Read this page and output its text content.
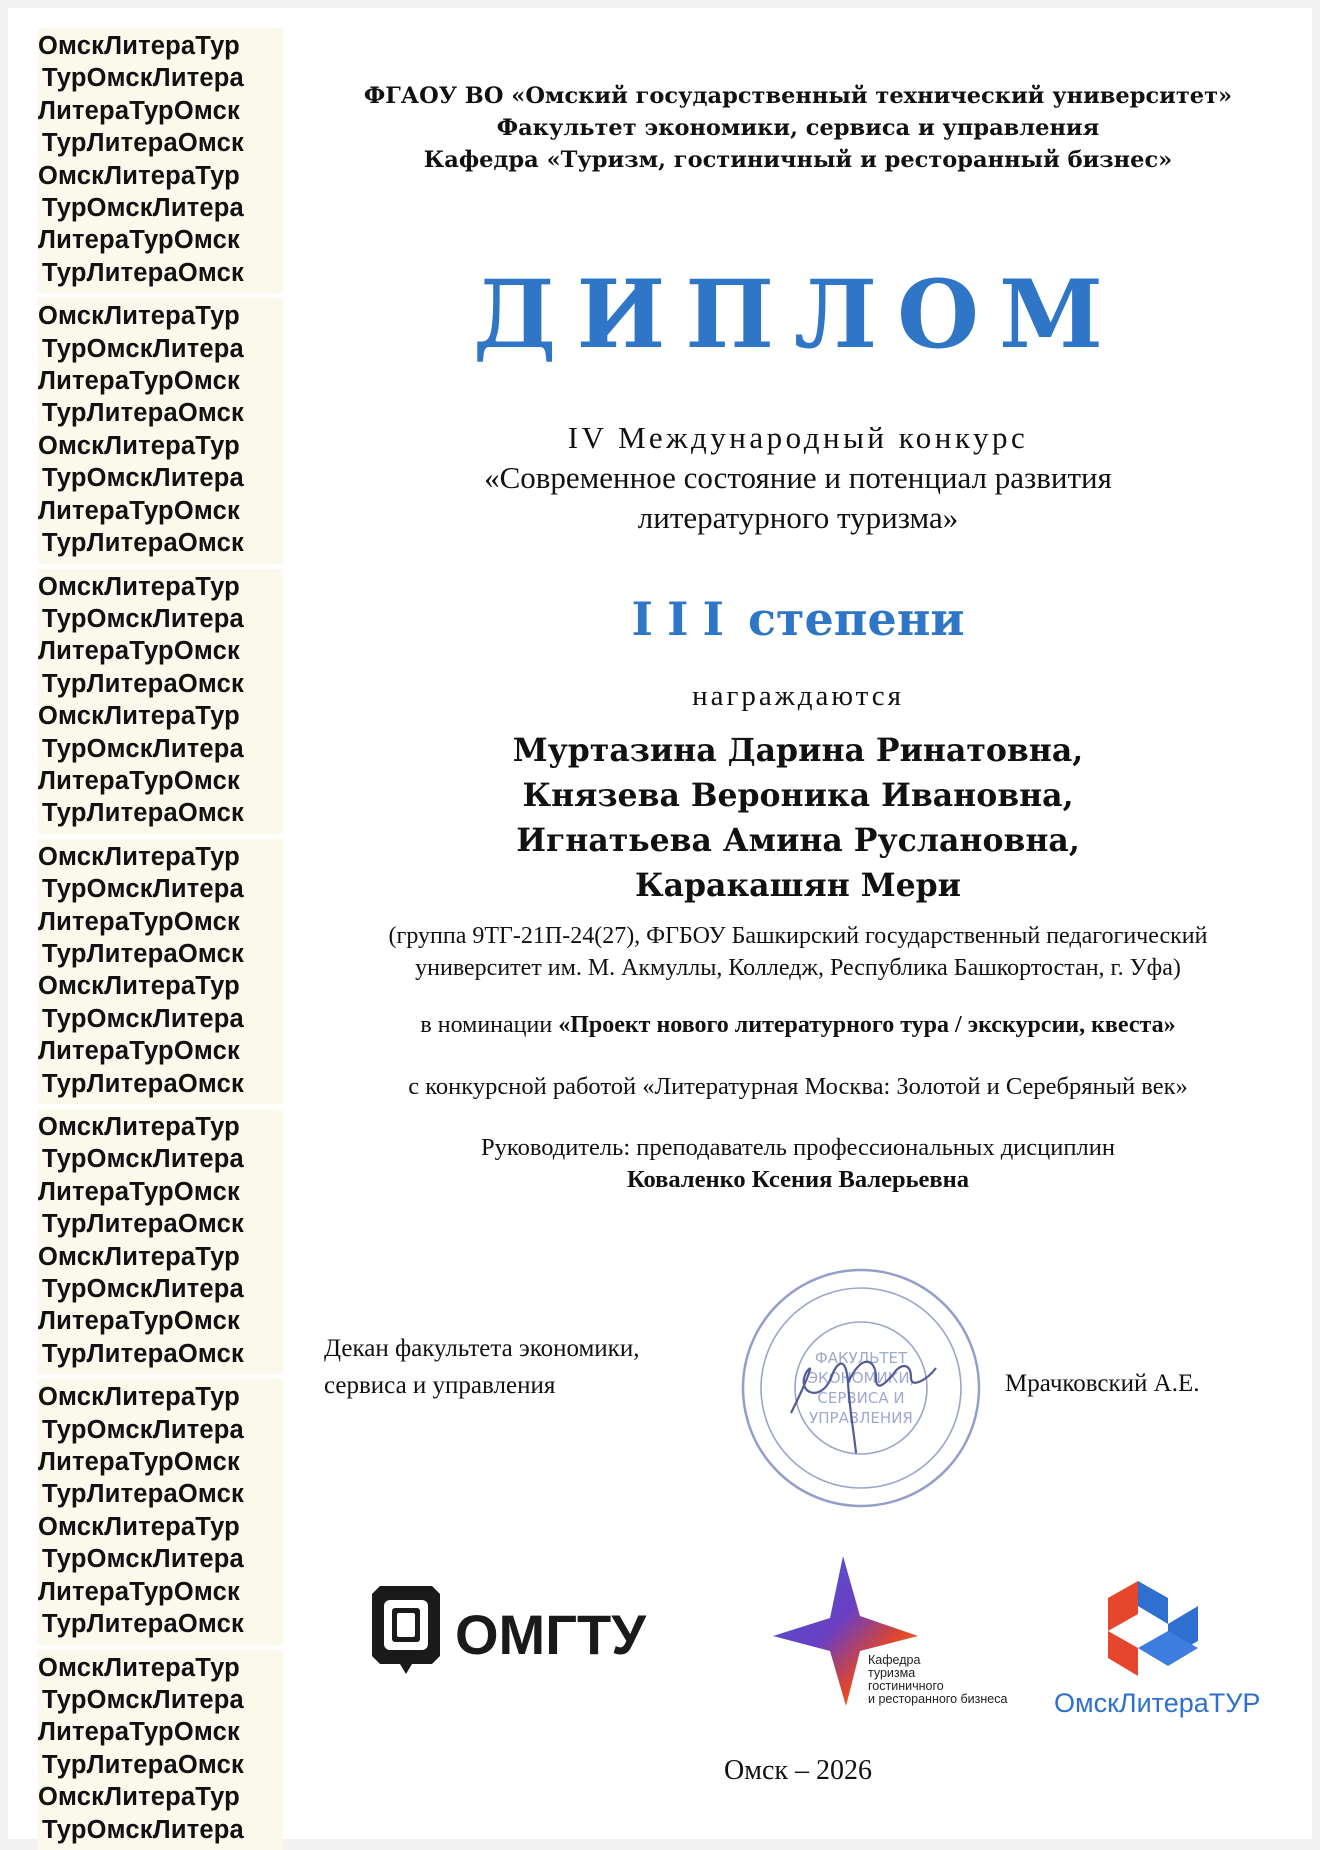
ОмскЛитераТур
ТурОмскЛитера
ЛитераТурОмск
ТурЛитераОмск
ОмскЛитераТур
ТурОмскЛитера
ЛитераТурОмск
ТурЛитераОмск
ОмскЛитераТур
ТурОмскЛитера
ЛитераТурОмск
ТурЛитераОмск
ОмскЛитераТур
ТурОмскЛитера
ЛитераТурОмск
ТурЛитераОмск
ОмскЛитераТур
ТурОмскЛитера
ЛитераТурОмск
ТурЛитераОмск
ОмскЛитераТур
ТурОмскЛитера
ЛитераТурОмск
ТурЛитераОмск
ОмскЛитераТур
ТурОмскЛитера
ЛитераТурОмск
ТурЛитераОмск
ОмскЛитераТур
ТурОмскЛитера
ЛитераТурОмск
ТурЛитераОмск
ОмскЛитераТур
ТурОмскЛитера
ЛитераТурОмск
ТурЛитераОмск
ОмскЛитераТур
ТурОмскЛитера
ЛитераТурОмск
ТурЛитераОмск
ОмскЛитераТур
ТурОмскЛитера
ЛитераТурОмск
ТурЛитераОмск
ОмскЛитераТур
ТурОмскЛитера
ЛитераТурОмск
ТурЛитераОмск
ОмскЛитераТур
ТурОмскЛитера
ЛитераТурОмск
ТурЛитераОмск
ОмскЛитераТур
ТурОмскЛитера
ФГАОУ ВО «Омский государственный технический университет»
Факультет экономики, сервиса и управления
Кафедра «Туризм, гостиничный и ресторанный бизнес»
ДИПЛОМ
IV Международный конкурс
«Современное состояние и потенциал развития
литературного туризма»
III степени
награждаются
Муртазина Дарина Ринатовна,
Князева Вероника Ивановна,
Игнатьева Амина Руслановна,
Каракашян Мери
(группа 9ТГ-21П-24(27), ФГБОУ Башкирский государственный педагогический университет им. М. Акмуллы, Колледж, Республика Башкортостан, г. Уфа)
в номинации «Проект нового литературного тура / экскурсии, квеста»
с конкурсной работой «Литературная Москва: Золотой и Серебряный век»
Руководитель: преподаватель профессиональных дисциплин
Коваленко Ксения Валерьевна
Декан факультета экономики,
сервиса и управления
ФАКУЛЬТЕТ
ЭКОНОМИКИ,
СЕРВИСА И
УПРАВЛЕНИЯ
Мрачковский А.Е.
ОМГТУ	Кафедра
туризма
гостиничного
и ресторанного бизнеса ОмскЛитераТУР
Омск – 2026
